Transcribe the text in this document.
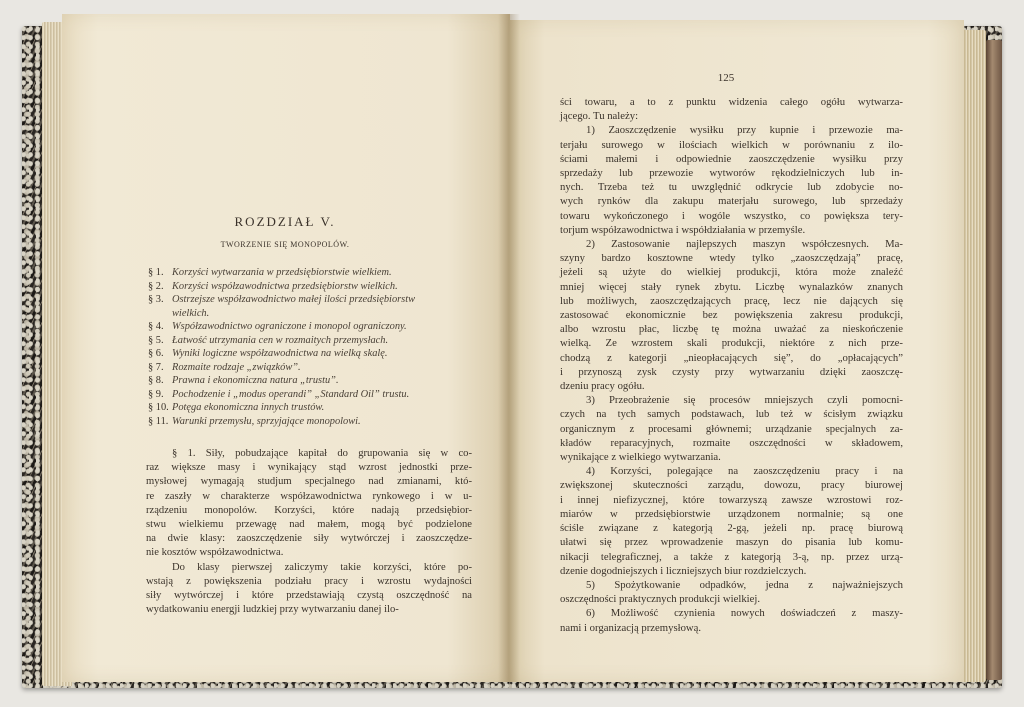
ROZDZIAŁ V.
TWORZENIE SIĘ MONOPOLÓW.
§ 1. Korzyści wytwarzania w przedsiębiorstwie wielkiem.
§ 2. Korzyści współzawodnictwa przedsiębiorstw wielkich.
§ 3. Ostrzejsze współzawodnictwo małej ilości przedsiębiorstw
wielkich.
§ 4. Współzawodnictwo ograniczone i monopol ograniczony.
§ 5. Łatwość utrzymania cen w rozmaitych przemysłach.
§ 6. Wyniki logiczne współzawodnictwa na wielką skalę.
§ 7. Rozmaite rodzaje „związków”.
§ 8. Prawna i ekonomiczna natura „trustu”.
§ 9. Pochodzenie i „modus operandi” „Standard Oil” trustu.
§ 10. Potęga ekonomiczna innych trustów.
§ 11. Warunki przemysłu, sprzyjające monopolowi.
§ 1. Siły, pobudzające kapitał do grupowania się w co-
raz większe masy i wynikający stąd wzrost jednostki prze-
mysłowej wymagają studjum specjalnego nad zmianami, któ-
re zaszły w charakterze współzawodnictwa rynkowego i w u-
rządzeniu monopolów. Korzyści, które nadają przedsiębior-
stwu wielkiemu przewagę nad małem, mogą być podzielone
na dwie klasy: zaoszczędzenie siły wytwórczej i zaoszczędze-
nie kosztów współzawodnictwa.
Do klasy pierwszej zaliczymy takie korzyści, które po-
wstają z powiększenia podziału pracy i wzrostu wydajności
siły wytwórczej i które przedstawiają czystą oszczędność na
wydatkowaniu energji ludzkiej przy wytwarzaniu danej ilo-
125
ści towaru, a to z punktu widzenia całego ogółu wytwarza-
jącego. Tu należy:
1) Zaoszczędzenie wysiłku przy kupnie i przewozie ma-
terjału surowego w ilościach wielkich w porównaniu z ilo-
ściami małemi i odpowiednie zaoszczędzenie wysiłku przy
sprzedaży lub przewozie wytworów rękodzielniczych lub in-
nych. Trzeba też tu uwzględnić odkrycie lub zdobycie no-
wych rynków dla zakupu materjału surowego, lub sprzedaży
towaru wykończonego i wogóle wszystko, co powiększa tery-
torjum współzawodnictwa i współdziałania w przemyśle.
2) Zastosowanie najlepszych maszyn współczesnych. Ma-
szyny bardzo kosztowne wtedy tylko „zaoszczędzają” pracę,
jeżeli są użyte do wielkiej produkcji, która może znaleźć
mniej więcej stały rynek zbytu. Liczbę wynalazków znanych
lub możliwych, zaoszczędzających pracę, lecz nie dających się
zastosować ekonomicznie bez powiększenia zakresu produkcji,
albo wzrostu płac, liczbę tę można uważać za nieskończenie
wielką. Ze wzrostem skali produkcji, niektóre z nich prze-
chodzą z kategorji „nieopłacających się”, do „opłacających”
i przynoszą zysk czysty przy wytwarzaniu dzięki zaoszczę-
dzeniu pracy ogółu.
3) Przeobrażenie się procesów mniejszych czyli pomocni-
czych na tych samych podstawach, lub też w ścisłym związku
organicznym z procesami głównemi; urządzanie specjalnych za-
kładów reparacyjnych, rozmaite oszczędności w składowem,
wynikające z wielkiego wytwarzania.
4) Korzyści, polegające na zaoszczędzeniu pracy i na
zwiększonej skuteczności zarządu, dowozu, pracy biurowej
i innej niefizycznej, które towarzyszą zawsze wzrostowi roz-
miarów w przedsiębiorstwie urządzonem normalnie; są one
ściśle związane z kategorją 2-gą, jeżeli np. pracę biurową
ułatwi się przez wprowadzenie maszyn do pisania lub komu-
nikacji telegraficznej, a także z kategorją 3-ą, np. przez urzą-
dzenie dogodniejszych i liczniejszych biur rozdzielczych.
5) Spożytkowanie odpadków, jedna z najważniejszych
oszczędności praktycznych produkcji wielkiej.
6) Możliwość czynienia nowych doświadczeń z maszy-
nami i organizacją przemysłową.
